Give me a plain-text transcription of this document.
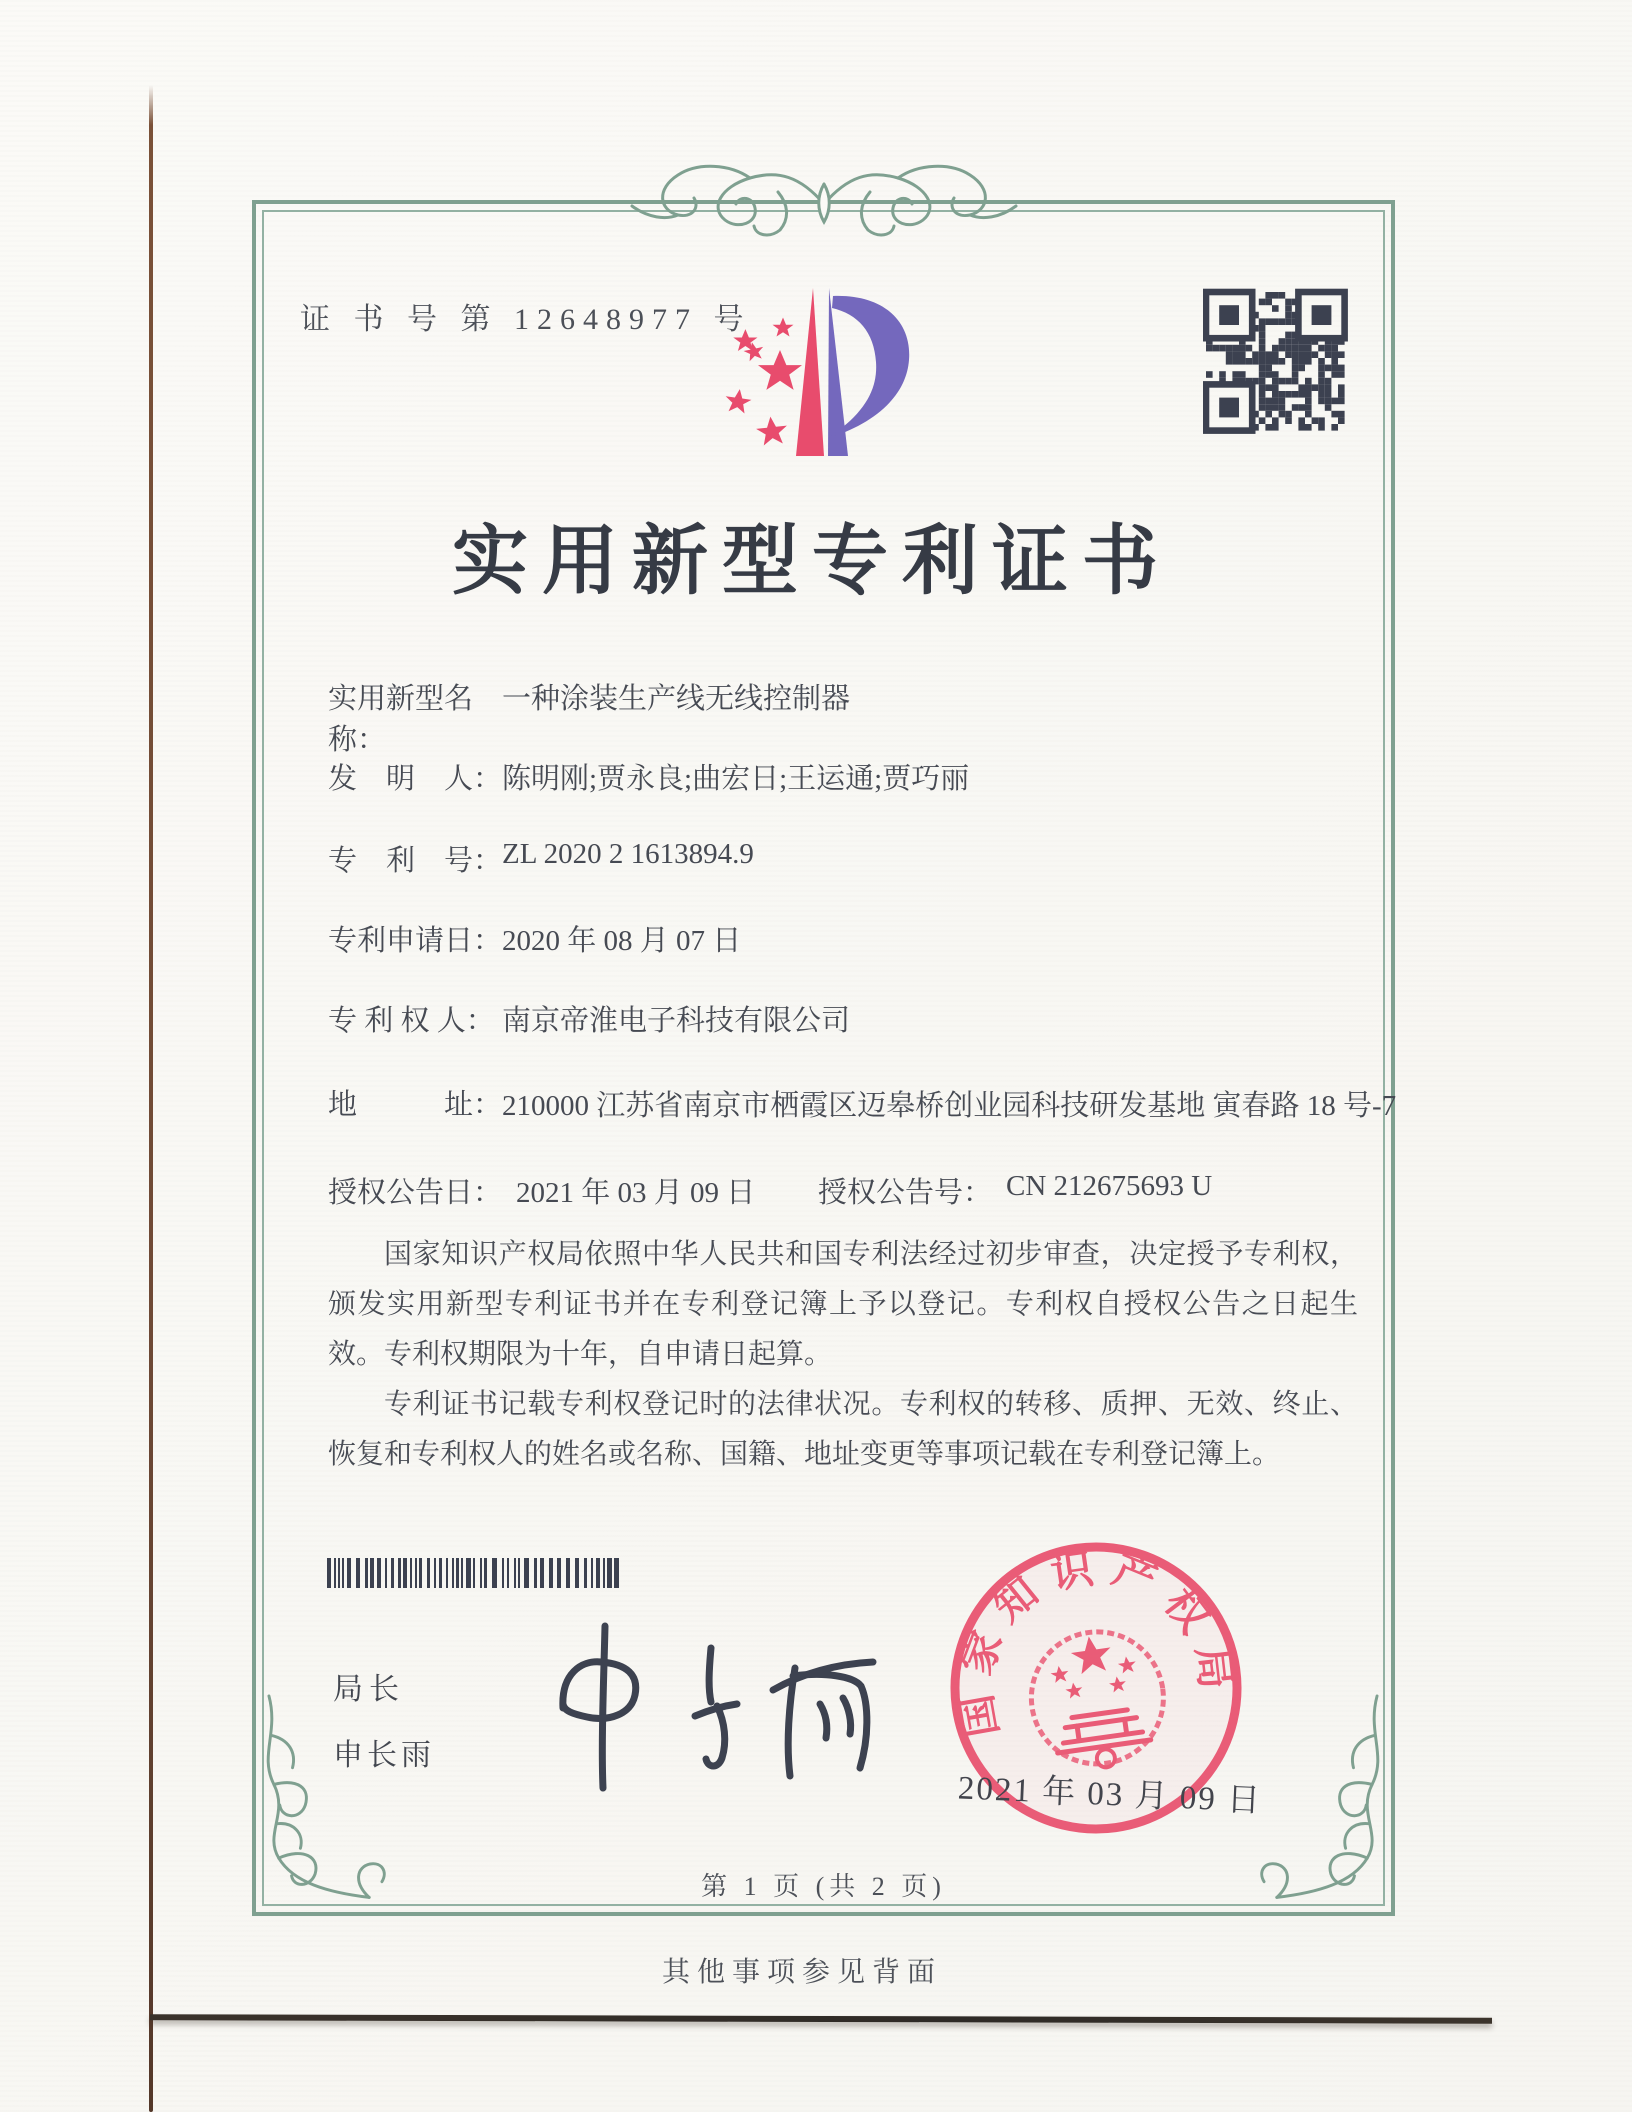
证 书 号 第 12648977 号
实用新型专利证书
实用新型名称：
一种涂装生产线无线控制器
发　明　人： 陈明刚;贾永良;曲宏日;王运通;贾巧丽
专　利　号： ZL 2020 2 1613894.9
专利申请日： 2020 年 08 月 07 日
专 利 权 人： 南京帝淮电子科技有限公司
地　　　址： 210000 江苏省南京市栖霞区迈皋桥创业园科技研发基地 寅春路 18 号-7
授权公告日： 2021 年 03 月 09 日 授权公告号： CN 212675693 U

国家知识产权局依照中华人民共和国专利法经过初步审查，决定授予专利权，颁发实用新型专利证书并在专利登记簿上予以登记。专利权自授权公告之日起生效。专利权期限为十年，自申请日起算。

专利证书记载专利权登记时的法律状况。专利权的转移、质押、无效、终止、恢复和专利权人的姓名或名称、国籍、地址变更等事项记载在专利登记簿上。

局长
申长雨
国家知识产权局
2021 年 03 月 09 日
第 1 页 (共 2 页)
其他事项参见背面
